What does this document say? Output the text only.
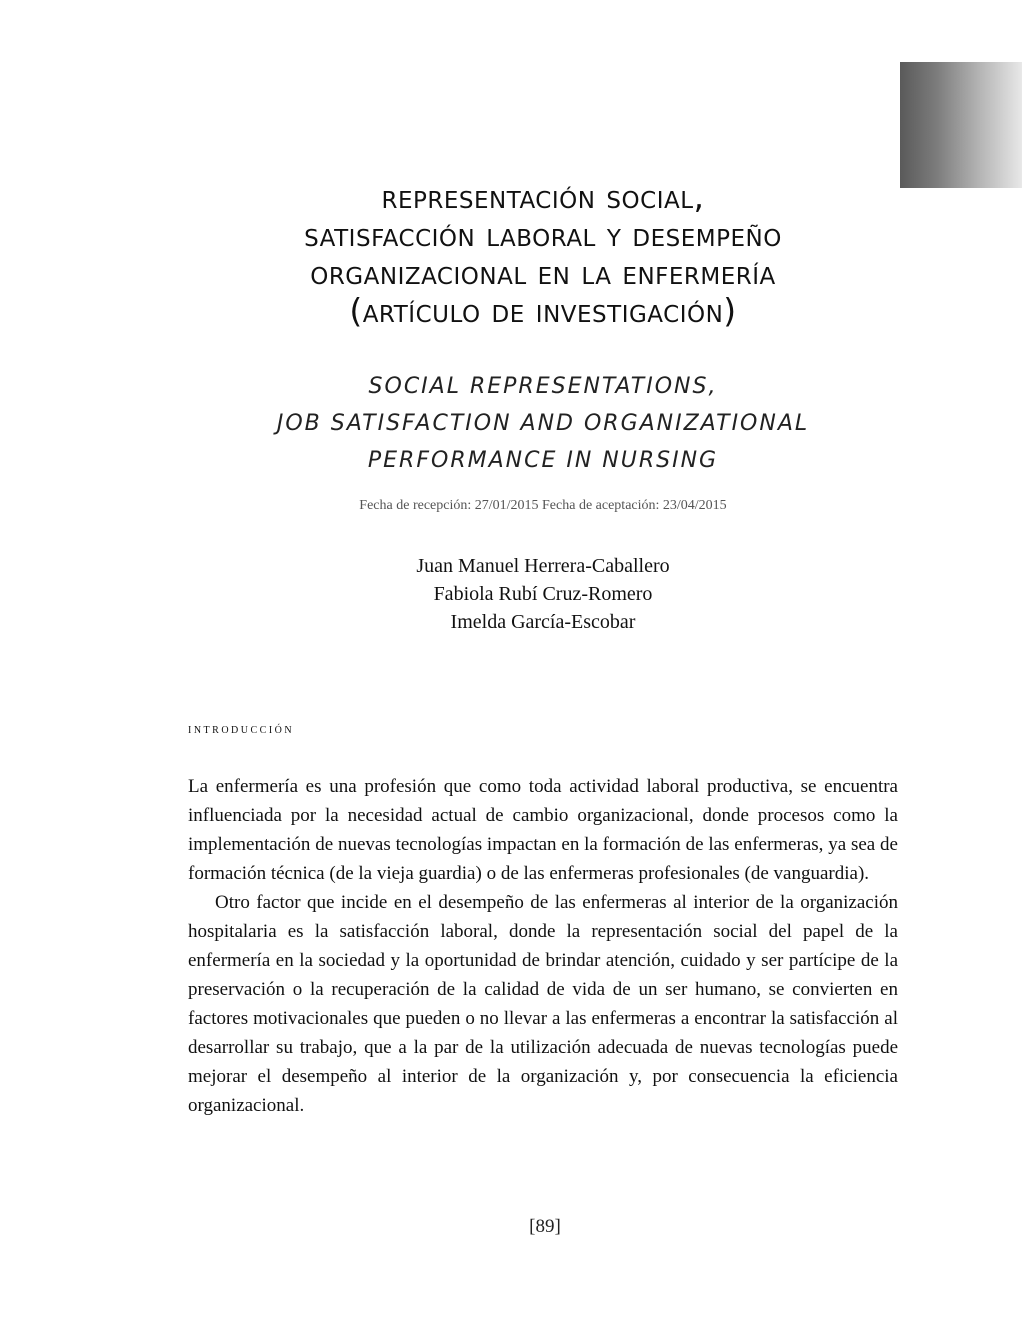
representación social,
satisfacción laboral y desempeño
organizacional en la enfermería
(artículo de investigación)
SOCIAL REPRESENTATIONS,
JOB SATISFACTION AND ORGANIZATIONAL
PERFORMANCE IN NURSING
Fecha de recepción: 27/01/2015 Fecha de aceptación: 23/04/2015
Juan Manuel Herrera-Caballero
Fabiola Rubí Cruz-Romero
Imelda García-Escobar
introducción

La enfermería es una profesión que como toda actividad laboral productiva, se encuentra influenciada por la necesidad actual de cambio organizacional, donde procesos como la implementación de nuevas tecnologías impactan en la formación de las enfermeras, ya sea de formación técnica (de la vieja guardia) o de las enfermeras profesionales (de vanguardia).

Otro factor que incide en el desempeño de las enfermeras al interior de la organización hospitalaria es la satisfacción laboral, donde la representación social del papel de la enfermería en la sociedad y la oportunidad de brindar atención, cuidado y ser partícipe de la preservación o la recuperación de la calidad de vida de un ser humano, se convierten en factores motivacionales que pueden o no llevar a las enfermeras a encontrar la satisfacción al desarrollar su trabajo, que a la par de la utilización adecuada de nuevas tecnologías puede mejorar el desempeño al interior de la organización y, por consecuencia la eficiencia organizacional.

[89]
